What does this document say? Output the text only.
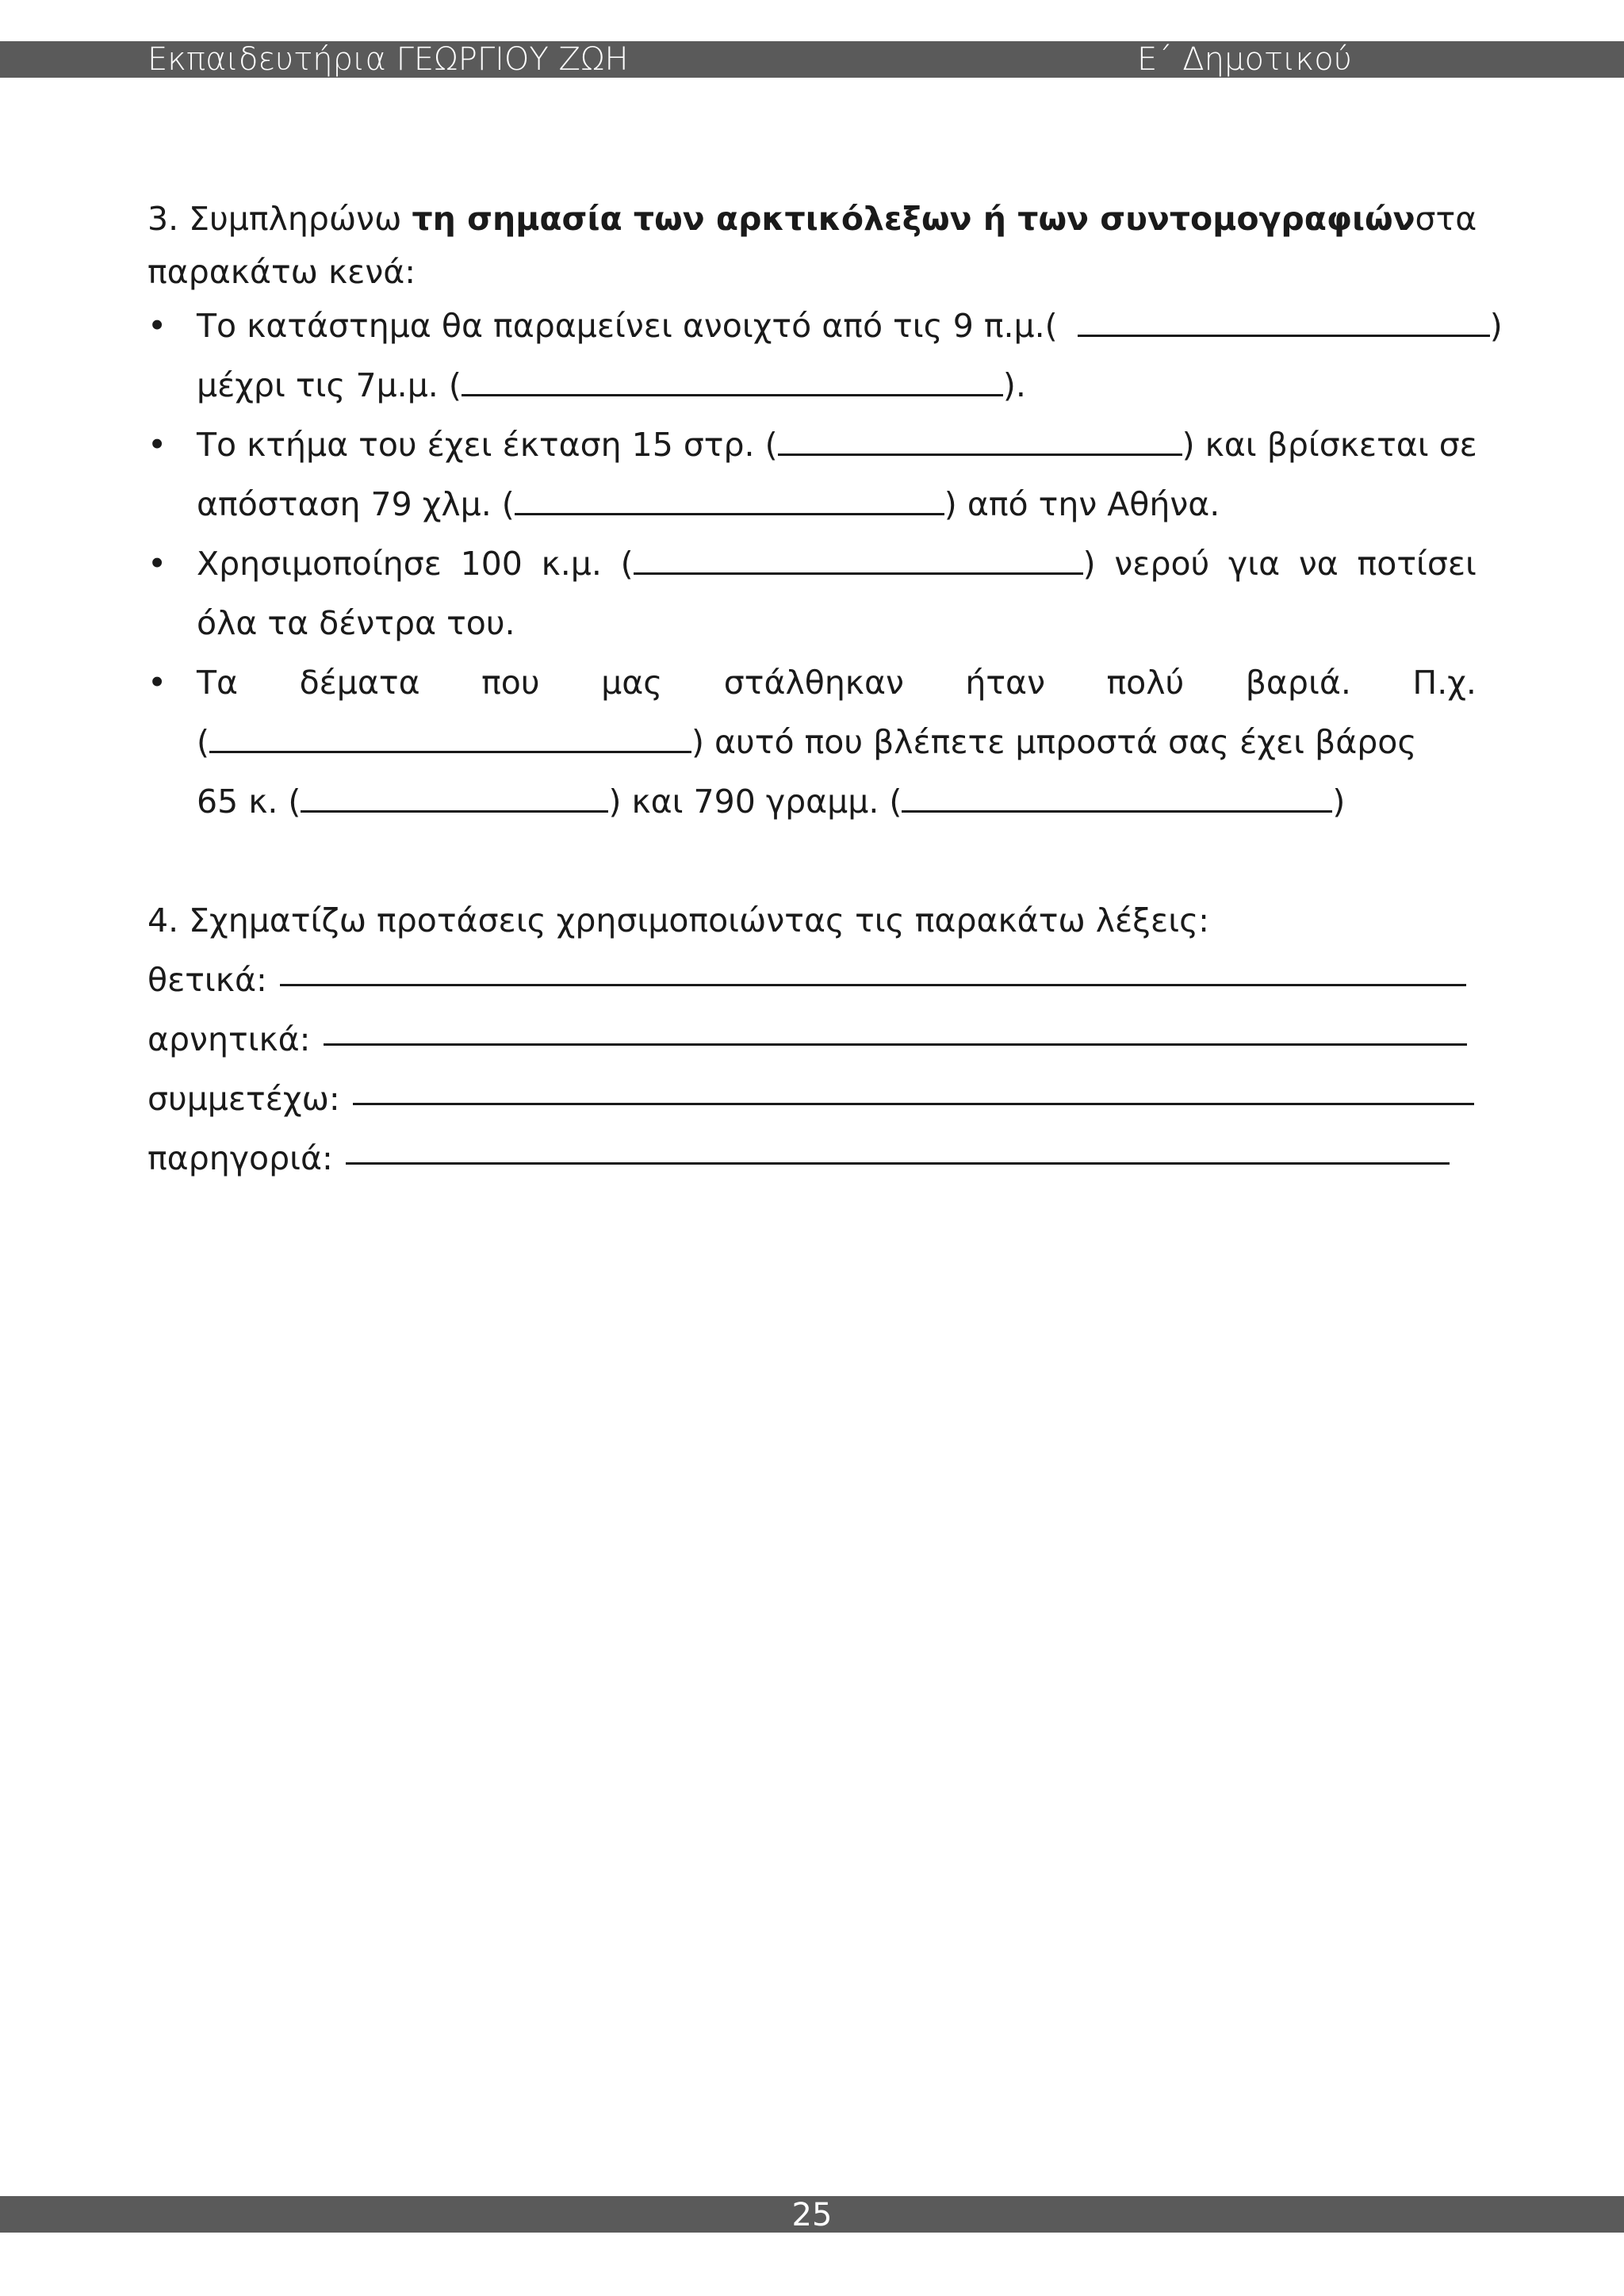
Εκπαιδευτήρια ΓΕΩΡΓΙΟΥ ΖΩΗ	Ε΄ Δημοτικού
3. Συμπληρώνω τη σημασία των αρκτικόλεξων ή των συντομογραφιών στα
παρακάτω κενά:
• Το κατάστημα θα παραμείνει ανοιχτό από τις 9 π.μ.(	)
μέχρι τις 7μ.μ. (	).
• Το κτήμα του έχει έκταση 15 στρ. (	) και βρίσκεται σε
απόσταση 79 χλμ. (	) από την Αθήνα.
• Χρησιμοποίησε 100 κ.μ. (	) νερού για να ποτίσει
όλα τα δέντρα του.
• Τα δέματα που μας στάλθηκαν ήταν πολύ βαριά. Π.χ.
(	) αυτό που βλέπετε μπροστά σας έχει βάρος
65 κ. (	) και 790 γραμμ. (	)
4. Σχηματίζω προτάσεις χρησιμοποιώντας τις παρακάτω λέξεις:
θετικά:
αρνητικά:
συμμετέχω:
παρηγοριά:
25
